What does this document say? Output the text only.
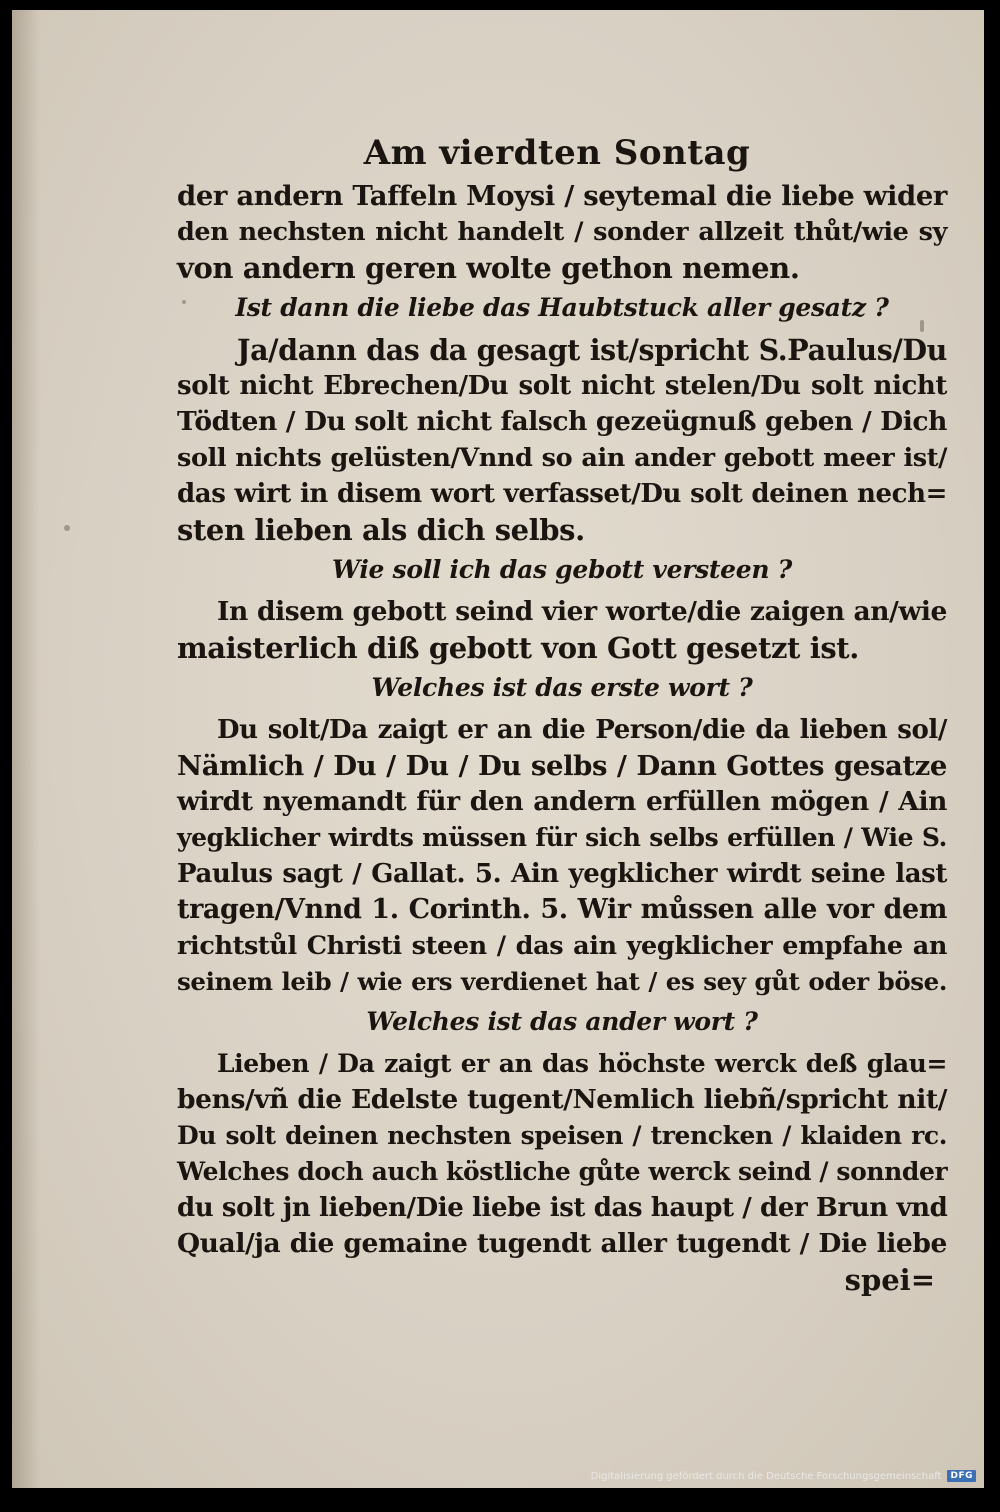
Am vierdten Sontag
der andern Taffeln Moysi / seytemal die liebe wider
den nechsten nicht handelt / sonder allzeit thůt/wie sy
von andern geren wolte gethon nemen.
Ist dann die liebe das Haubtstuck aller gesatz ?
Ja/dann das da gesagt ist/spricht S.Paulus/Du
solt nicht Ebrechen/Du solt nicht stelen/Du solt nicht
Tödten / Du solt nicht falsch gezeügnuß geben / Dich
soll nichts gelüsten/Vnnd so ain ander gebott meer ist/
das wirt in disem wort verfasset/Du solt deinen nech=
sten lieben als dich selbs.
Wie soll ich das gebott versteen ?
In disem gebott seind vier worte/die zaigen an/wie
maisterlich diß gebott von Gott gesetzt ist.
Welches ist das erste wort ?
Du solt/Da zaigt er an die Person/die da lieben sol/
Nämlich / Du / Du / Du selbs / Dann Gottes gesatze
wirdt nyemandt für den andern erfüllen mögen / Ain
yegklicher wirdts müssen für sich selbs erfüllen / Wie S.
Paulus sagt / Gallat. 5. Ain yegklicher wirdt seine last
tragen/Vnnd 1. Corinth. 5. Wir můssen alle vor dem
richtstůl Christi steen / das ain yegklicher empfahe an
seinem leib / wie ers verdienet hat / es sey gůt oder böse.
Welches ist das ander wort ?
Lieben / Da zaigt er an das höchste werck deß glau=
bens/vñ die Edelste tugent/Nemlich liebñ/spricht nit/
Du solt deinen nechsten speisen / trencken / klaiden rc.
Welches doch auch köstliche gůte werck seind / sonnder
du solt jn lieben/Die liebe ist das haupt / der Brun vnd
Qual/ja die gemaine tugendt aller tugendt / Die liebe
spei=
Digitalisierung gefördert durch die Deutsche Forschungsgemeinschaft	DFG
